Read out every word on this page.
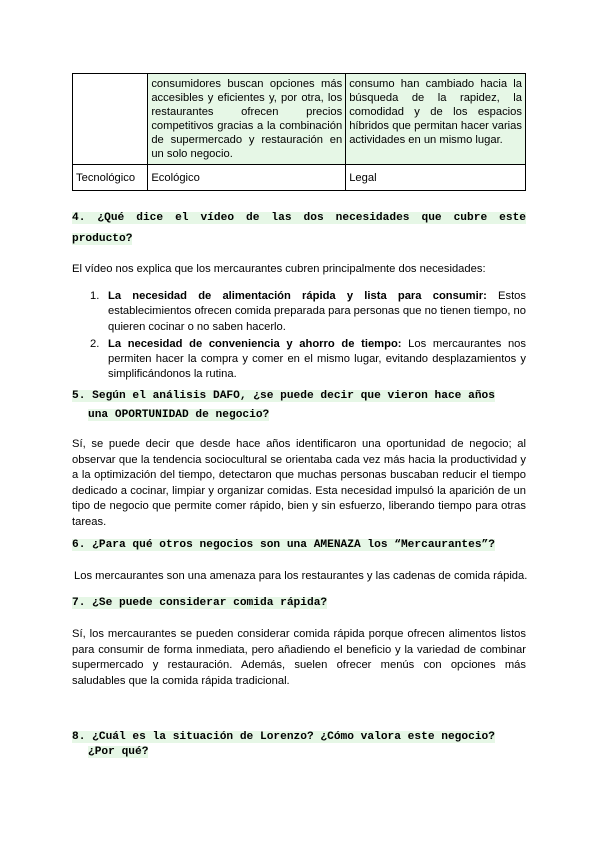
	consumidores buscan opciones más accesibles y eficientes y, por otra, los restaurantes ofrecen precios competitivos gracias a la combinación de supermercado y restauración en un solo negocio.	consumo han cambiado hacia la búsqueda de la rapidez, la comodidad y de los espacios híbridos que permitan hacer varias actividades en un mismo lugar.
Tecnológico	Ecológico	Legal
4. ¿Qué dice el vídeo de las dos necesidades que cubre este
producto?
El vídeo nos explica que los mercaurantes cubren principalmente dos necesidades:
1. La necesidad de alimentación rápida y lista para consumir: Estos establecimientos ofrecen comida preparada para personas que no tienen tiempo, no quieren cocinar o no saben hacerlo.
2. La necesidad de conveniencia y ahorro de tiempo: Los mercaurantes nos permiten hacer la compra y comer en el mismo lugar, evitando desplazamientos y simplificándonos la rutina.
5. Según el análisis DAFO, ¿se puede decir que vieron hace años
una OPORTUNIDAD de negocio?
Sí, se puede decir que desde hace años identificaron una oportunidad de negocio; al observar que la tendencia sociocultural se orientaba cada vez más hacia la productividad y a la optimización del tiempo, detectaron que muchas personas buscaban reducir el tiempo dedicado a cocinar, limpiar y organizar comidas. Esta necesidad impulsó la aparición de un tipo de negocio que permite comer rápido, bien y sin esfuerzo, liberando tiempo para otras tareas.
6. ¿Para qué otros negocios son una AMENAZA los “Mercaurantes”?
Los mercaurantes son una amenaza para los restaurantes y las cadenas de comida rápida.
7. ¿Se puede considerar comida rápida?
Sí, los mercaurantes se pueden considerar comida rápida porque ofrecen alimentos listos para consumir de forma inmediata, pero añadiendo el beneficio y la variedad de combinar supermercado y restauración. Además, suelen ofrecer menús con opciones más saludables que la comida rápida tradicional.
8. ¿Cuál es la situación de Lorenzo? ¿Cómo valora este negocio?
¿Por qué?
